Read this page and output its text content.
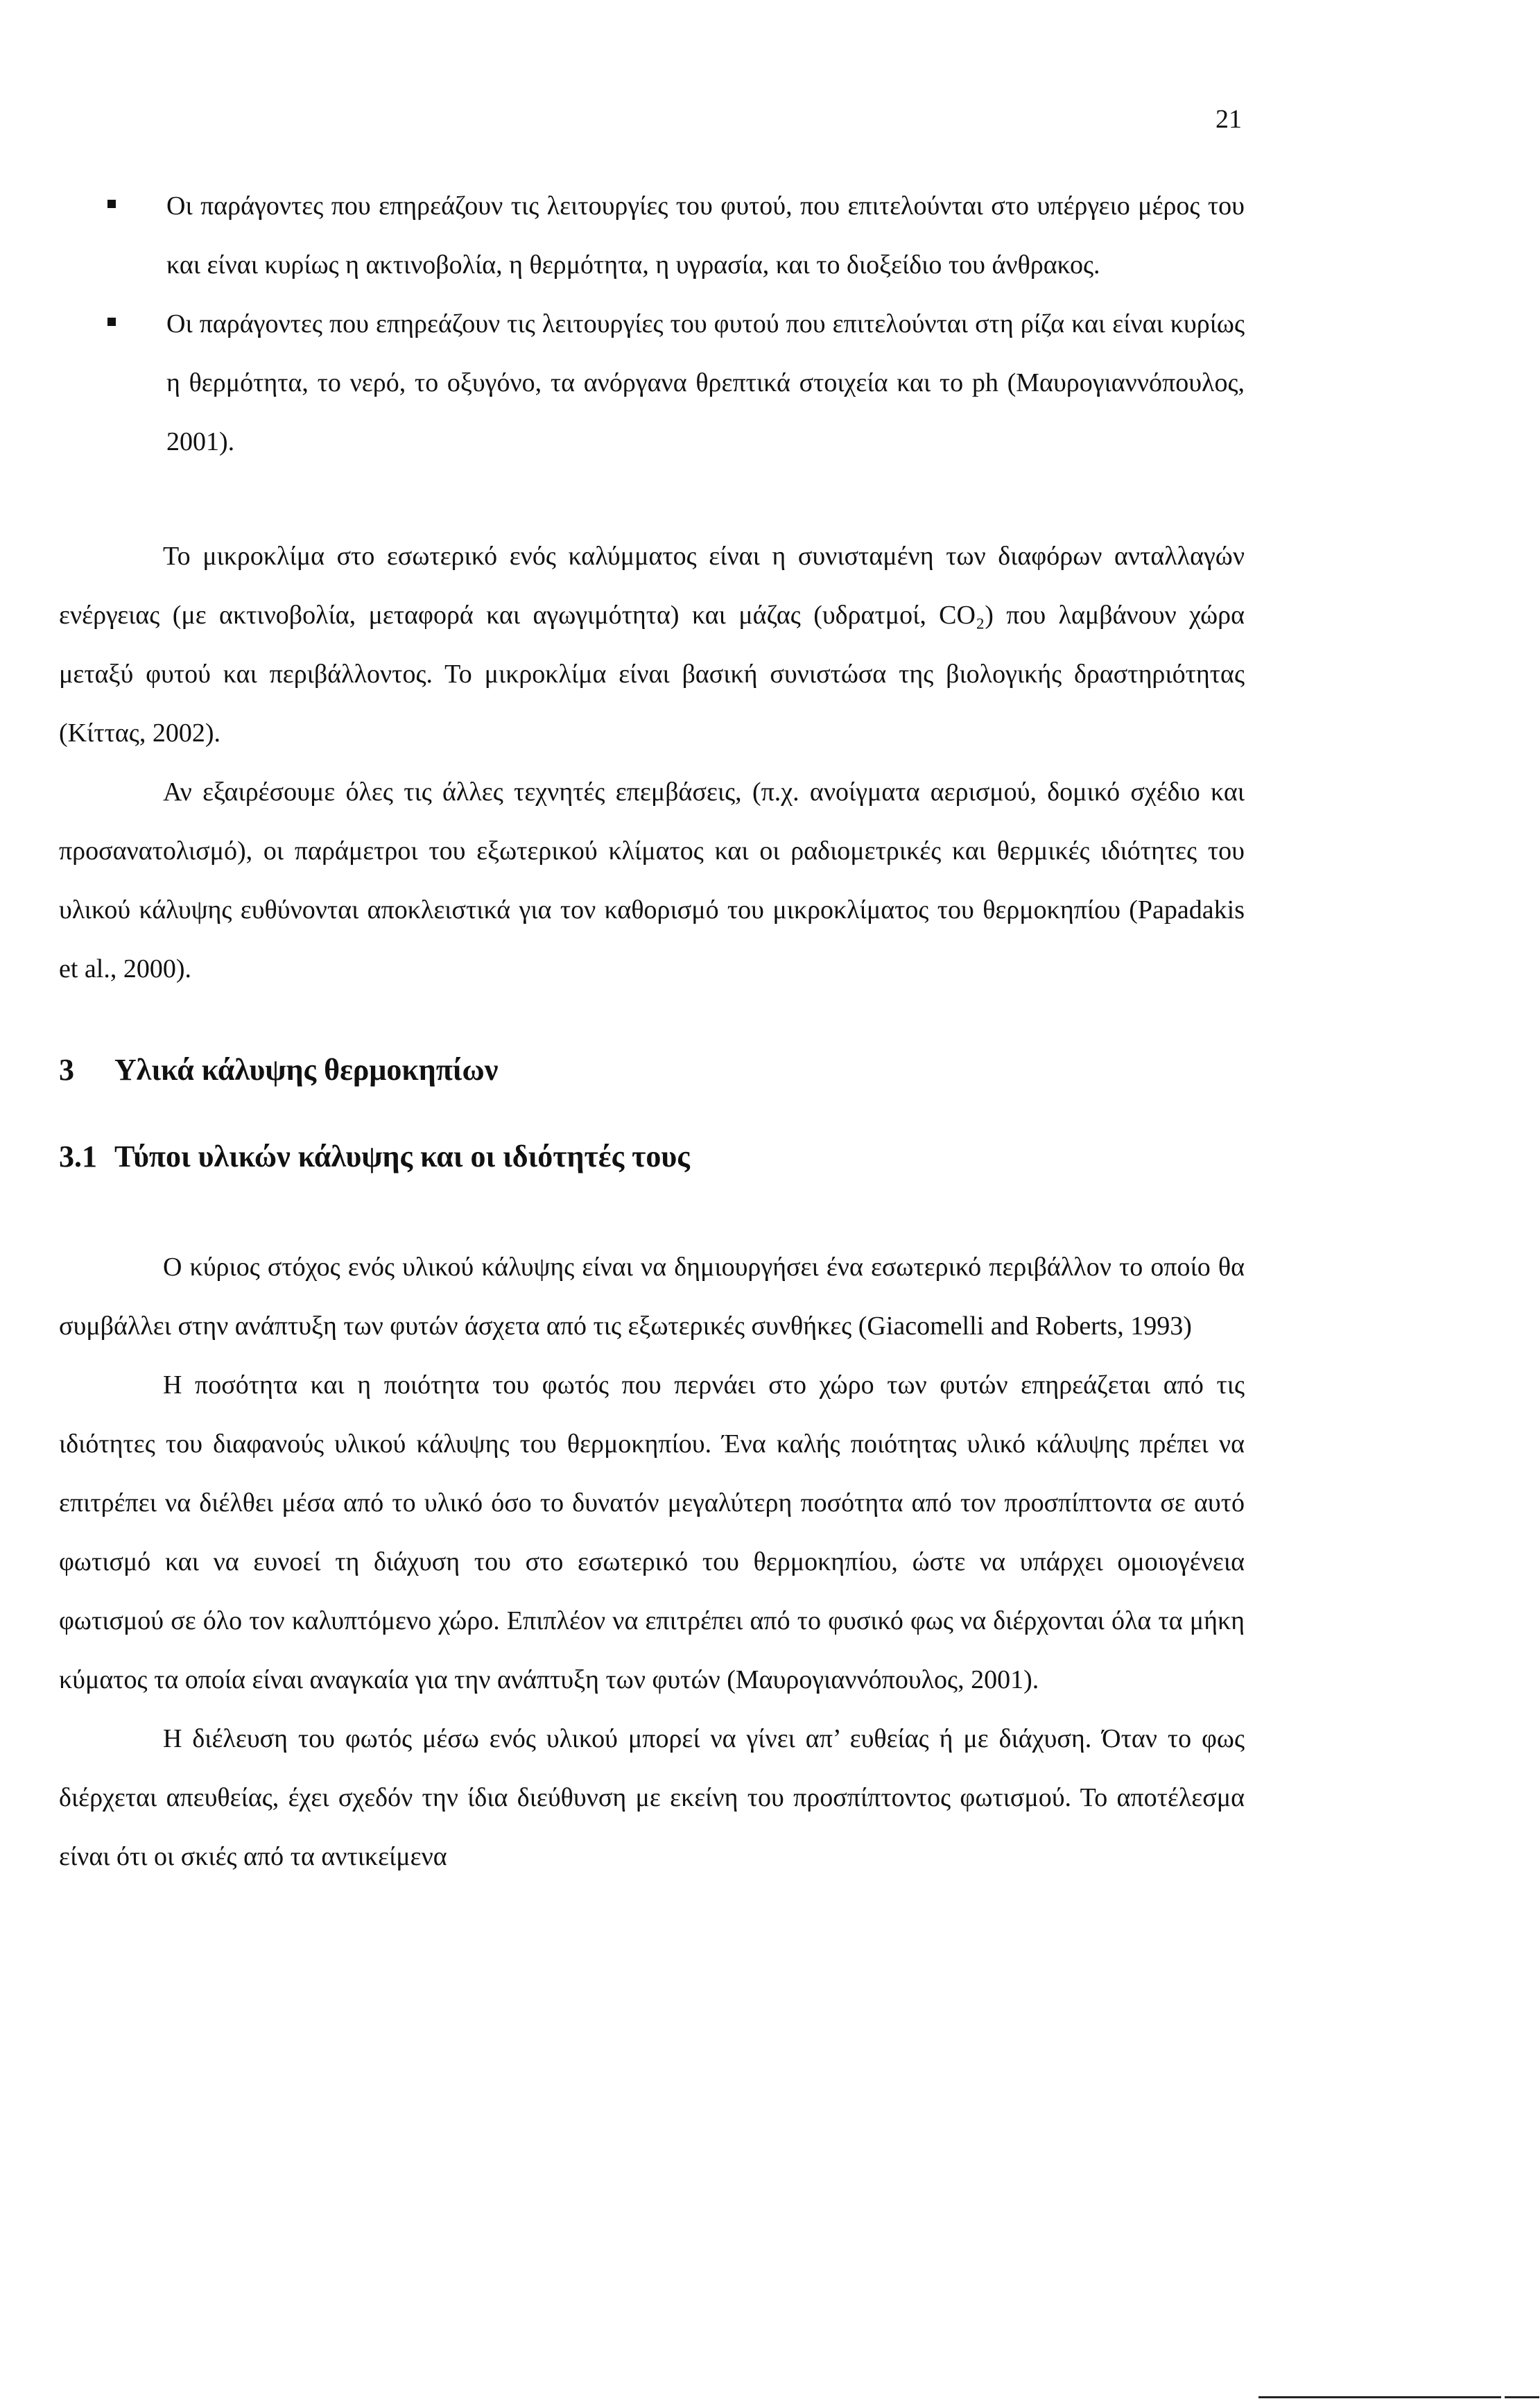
21
Οι παράγοντες που επηρεάζουν τις λειτουργίες του φυτού, που επιτελούνται στο υπέργειο μέρος του και είναι κυρίως η ακτινοβολία, η θερμότητα, η υγρασία, και το διοξείδιο του άνθρακος.
Οι παράγοντες που επηρεάζουν τις λειτουργίες του φυτού που επιτελούνται στη ρίζα και είναι κυρίως η θερμότητα, το νερό, το οξυγόνο, τα ανόργανα θρεπτικά στοιχεία και το ph (Μαυρογιαννόπουλος, 2001).

Το μικροκλίμα στο εσωτερικό ενός καλύμματος είναι η συνισταμένη των διαφόρων ανταλλαγών ενέργειας (με ακτινοβολία, μεταφορά και αγωγιμότητα) και μάζας (υδρατμοί, CO₂) που λαμβάνουν χώρα μεταξύ φυτού και περιβάλλοντος. Το μικροκλίμα είναι βασική συνιστώσα της βιολογικής δραστηριότητας (Κίττας, 2002).

Αν εξαιρέσουμε όλες τις άλλες τεχνητές επεμβάσεις, (π.χ. ανοίγματα αερισμού, δομικό σχέδιο και προσανατολισμό), οι παράμετροι του εξωτερικού κλίματος και οι ραδιομετρικές και θερμικές ιδιότητες του υλικού κάλυψης ευθύνονται αποκλειστικά για τον καθορισμό του μικροκλίματος του θερμοκηπίου (Papadakis et al., 2000).

3 Υλικά κάλυψης θερμοκηπίων
3.1 Τύποι υλικών κάλυψης και οι ιδιότητές τους

Ο κύριος στόχος ενός υλικού κάλυψης είναι να δημιουργήσει ένα εσωτερικό περιβάλλον το οποίο θα συμβάλλει στην ανάπτυξη των φυτών άσχετα από τις εξωτερικές συνθήκες (Giacomelli and Roberts, 1993)

Η ποσότητα και η ποιότητα του φωτός που περνάει στο χώρο των φυτών επηρεάζεται από τις ιδιότητες του διαφανούς υλικού κάλυψης του θερμοκηπίου. Ένα καλής ποιότητας υλικό κάλυψης πρέπει να επιτρέπει να διέλθει μέσα από το υλικό όσο το δυνατόν μεγαλύτερη ποσότητα από τον προσπίπτοντα σε αυτό φωτισμό και να ευνοεί τη διάχυση του στο εσωτερικό του θερμοκηπίου, ώστε να υπάρχει ομοιογένεια φωτισμού σε όλο τον καλυπτόμενο χώρο. Επιπλέον να επιτρέπει από το φυσικό φως να διέρχονται όλα τα μήκη κύματος τα οποία είναι αναγκαία για την ανάπτυξη των φυτών (Μαυρογιαννόπουλος, 2001).

Η διέλευση του φωτός μέσω ενός υλικού μπορεί να γίνει απ’ ευθείας ή με διάχυση. Όταν το φως διέρχεται απευθείας, έχει σχεδόν την ίδια διεύθυνση με εκείνη του προσπίπτοντος φωτισμού. Το αποτέλεσμα είναι ότι οι σκιές από τα αντικείμενα
